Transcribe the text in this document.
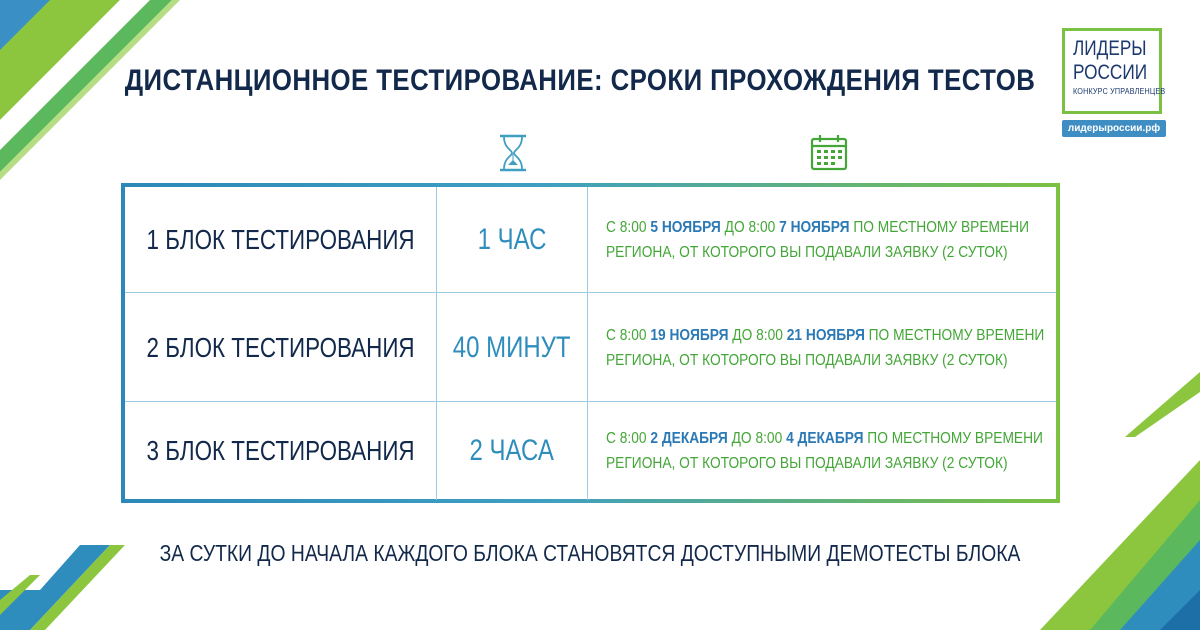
ДИСТАНЦИОННОЕ ТЕСТИРОВАНИЕ: СРОКИ ПРОХОЖДЕНИЯ ТЕСТОВ
ЛИДЕРЫ
РОССИИ
КОНКУРС УПРАВЛЕНЦЕВ
лидерыроссии.рф
1 БЛОК ТЕСТИРОВАНИЯ 1 ЧАС	С 8:00 5 НОЯБРЯ ДО 8:00 7 НОЯБРЯ ПО МЕСТНОМУ ВРЕМЕНИ
РЕГИОНА, ОТ КОТОРОГО ВЫ ПОДАВАЛИ ЗАЯВКУ (2 СУТОК)
2 БЛОК ТЕСТИРОВАНИЯ 40 МИНУТ С 8:00 19 НОЯБРЯ ДО 8:00 21 НОЯБРЯ ПО МЕСТНОМУ ВРЕМЕНИ
РЕГИОНА, ОТ КОТОРОГО ВЫ ПОДАВАЛИ ЗАЯВКУ (2 СУТОК)
3 БЛОК ТЕСТИРОВАНИЯ 2 ЧАСА	С 8:00 2 ДЕКАБРЯ ДО 8:00 4 ДЕКАБРЯ ПО МЕСТНОМУ ВРЕМЕНИ
РЕГИОНА, ОТ КОТОРОГО ВЫ ПОДАВАЛИ ЗАЯВКУ (2 СУТОК)
ЗА СУТКИ ДО НАЧАЛА КАЖДОГО БЛОКА СТАНОВЯТСЯ ДОСТУПНЫМИ ДЕМОТЕСТЫ БЛОКА
